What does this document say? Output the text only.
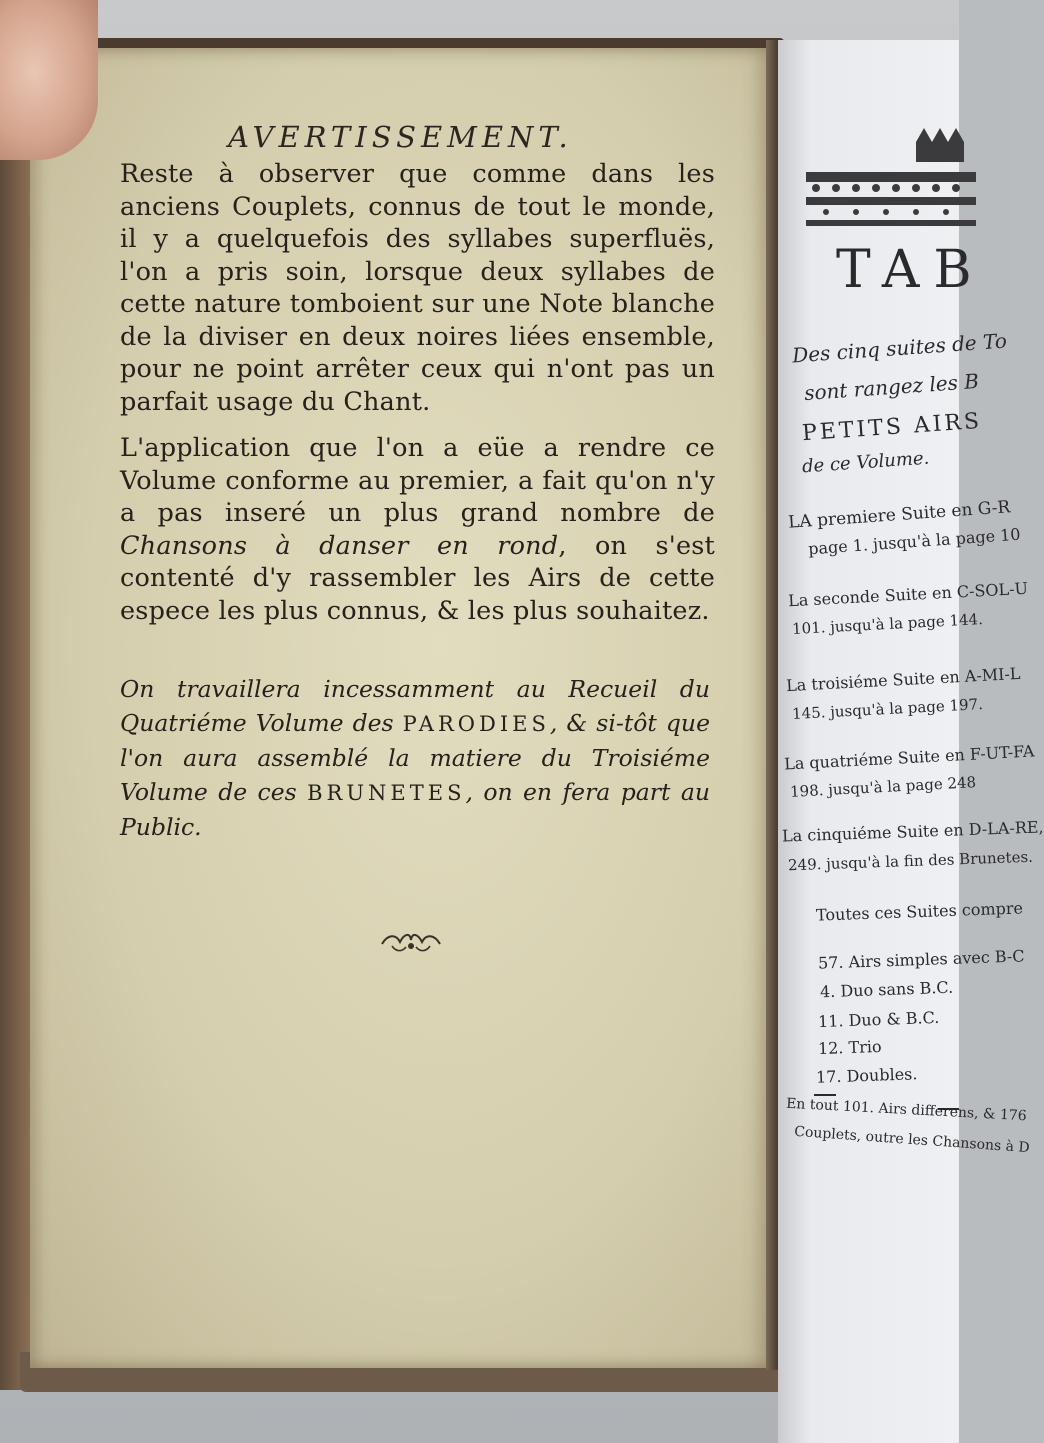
AVERTISSEMENT.

Reste à observer que comme dans les anciens Couplets, connus de tout le monde, il y a quelquefois des syllabes superfluës, l'on a pris soin, lorsque deux syllabes de cette nature tomboient sur une Note blanche de la diviser en deux noires liées ensemble, pour ne point arrêter ceux qui n'ont pas un parfait usage du Chant.

L'application que l'on a eüe a rendre ce Volume conforme au premier, a fait qu'on n'y a pas inseré un plus grand nombre de Chansons à danser en rond, on s'est contenté d'y rassembler les Airs de cette espece les plus connus, & les plus souhaitez.

On travaillera incessamment au Recueil du Quatriéme Volume des PARODIES, & si-tôt que l'on aura assemblé la matiere du Troisiéme Volume de ces BRUNETES, on en fera part au Public.

TAB
Des cinq suites de To
sont rangez les B
PETITS AIRS
de ce Volume.
LA premiere Suite en G-R
page 1. jusqu'à la page 10
La seconde Suite en C-SOL-U
101. jusqu'à la page 144.
La troisiéme Suite en A-MI-L
145. jusqu'à la page 197.
La quatriéme Suite en F-UT-FA
198. jusqu'à la page 248
La cinquiéme Suite en D-LA-RE,
249. jusqu'à la fin des Brunetes.
Toutes ces Suites compre
57. Airs simples avec B-C
4. Duo sans B.C.
11. Duo & B.C.
12. Trio
17. Doubles.
En tout 101. Airs differens, & 176
Couplets, outre les Chansons à D
